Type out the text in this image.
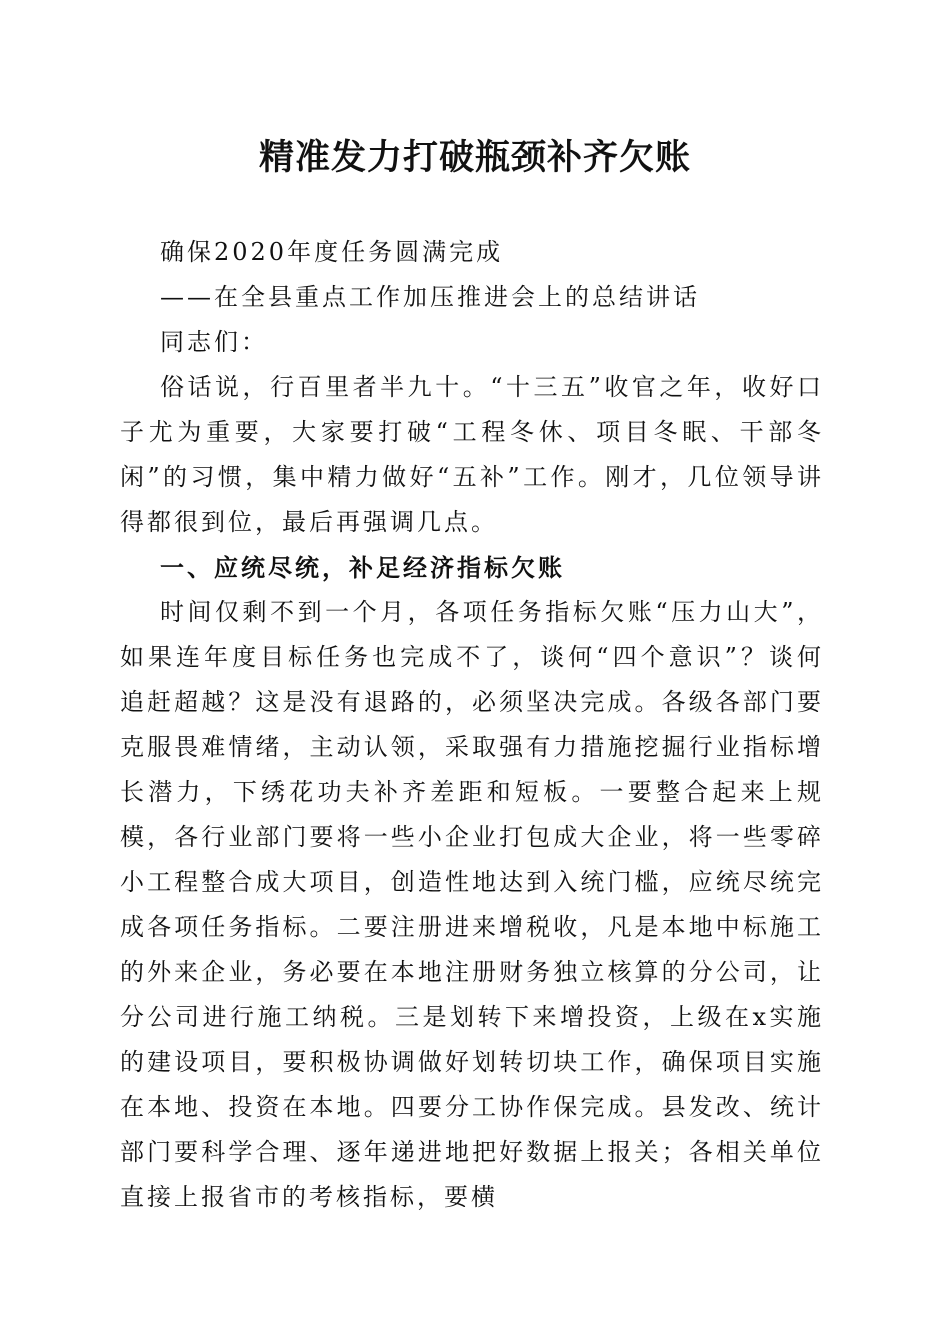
精准发力打破瓶颈补齐欠账

确保2020年度任务圆满完成

——在全县重点工作加压推进会上的总结讲话

同志们：

俗话说，行百里者半九十。“十三五”收官之年，收好口子尤为重要，大家要打破“工程冬休、项目冬眠、干部冬闲”的习惯，集中精力做好“五补”工作。刚才，几位领导讲得都很到位，最后再强调几点。

一、应统尽统，补足经济指标欠账

时间仅剩不到一个月，各项任务指标欠账“压力山大”，如果连年度目标任务也完成不了，谈何“四个意识”？谈何追赶超越？这是没有退路的，必须坚决完成。各级各部门要克服畏难情绪，主动认领，采取强有力措施挖掘行业指标增长潜力，下绣花功夫补齐差距和短板。一要整合起来上规模，各行业部门要将一些小企业打包成大企业，将一些零碎小工程整合成大项目，创造性地达到入统门槛，应统尽统完成各项任务指标。二要注册进来增税收，凡是本地中标施工的外来企业，务必要在本地注册财务独立核算的分公司，让分公司进行施工纳税。三是划转下来增投资，上级在x实施的建设项目，要积极协调做好划转切块工作，确保项目实施在本地、投资在本地。四要分工协作保完成。县发改、统计部门要科学合理、逐年递进地把好数据上报关；各相关单位直接上报省市的考核指标，要横
